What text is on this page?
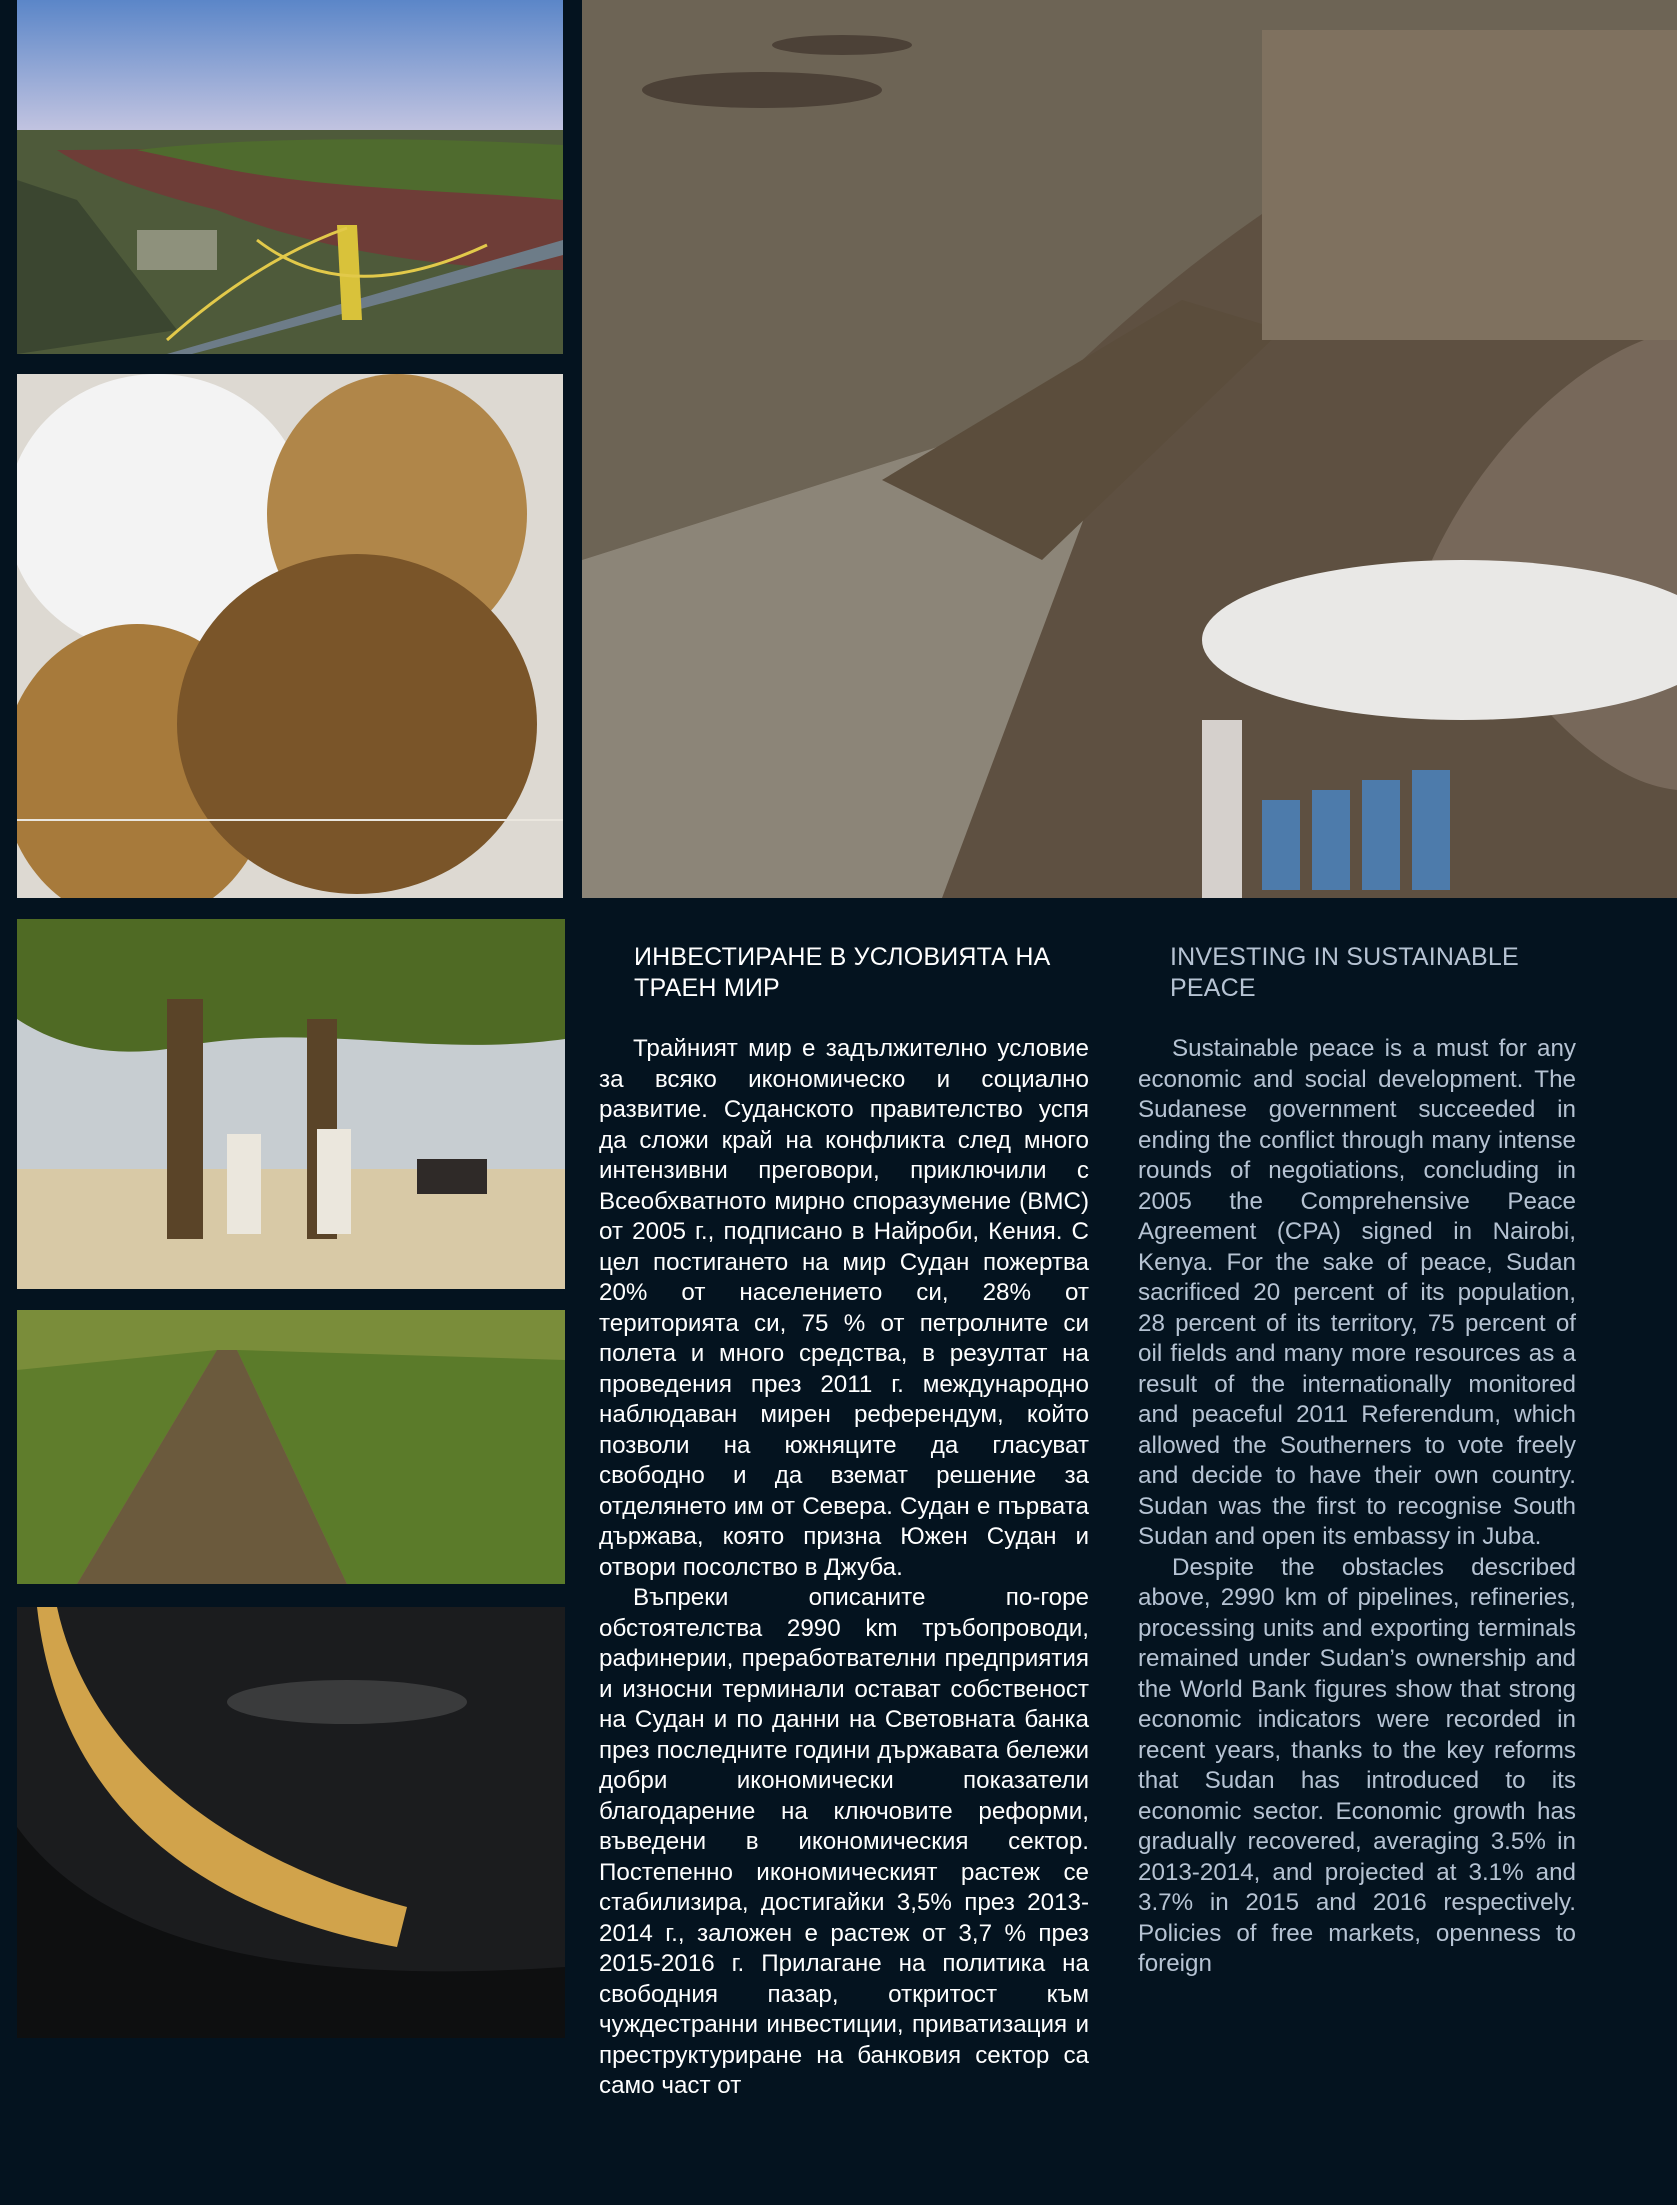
ИНВЕСТИРАНЕ В УСЛОВИЯТА НА ТРАЕН МИР

Трайният мир е задължително условие за всяко икономическо и социално развитие. Суданското правителство успя да сложи край на конфликта след много интензивни преговори, приключили с Всеобхватното мирно споразумение (ВМС) от 2005 г., подписано в Найроби, Кения. С цел постигането на мир Судан пожертва 20% от населението си, 28% от територията си, 75 % от петролните си полета и много средства, в резултат на проведения през 2011 г. международно наблюдаван мирен референдум, който позволи на южняците да гласуват свободно и да вземат решение за отделянето им от Севера. Судан е първата държава, която призна Южен Судан и отвори посолство в Джуба.

Въпреки описаните по-горе обстоятелства 2990 km тръбопроводи, рафинерии, преработвателни предприятия и износни терминали остават собственост на Судан и по данни на Световната банка през последните години държавата бележи добри икономически показатели благодарение на ключовите реформи, въведени в икономическия сектор. Постепенно икономическият растеж се стабилизира, достигайки 3,5% през 2013-2014 г., заложен е растеж от 3,7 % през 2015-2016 г. Прилагане на политика на свободния пазар, откритост към чуждестранни инвестиции, приватизация и преструктуриране на банковия сектор са само част от

INVESTING IN SUSTAINABLE PEACE

Sustainable peace is a must for any economic and social development. The Sudanese government succeeded in ending the conflict through many intense rounds of negotiations, concluding in 2005 the Comprehensive Peace Agreement (CPA) signed in Nairobi, Kenya. For the sake of peace, Sudan sacrificed 20 percent of its population, 28 percent of its territory, 75 percent of oil fields and many more resources as a result of the internationally monitored and peaceful 2011 Referendum, which allowed the Southerners to vote freely and decide to have their own country. Sudan was the first to recognise South Sudan and open its embassy in Juba.

Despite the obstacles described above, 2990 km of pipelines, refineries, processing units and exporting terminals remained under Sudan’s ownership and the World Bank figures show that strong economic indicators were recorded in recent years, thanks to the key reforms that Sudan has introduced to its economic sector. Economic growth has gradually recovered, averaging 3.5% in 2013-2014, and projected at 3.1% and 3.7% in 2015 and 2016 respectively. Policies of free markets, openness to foreign
